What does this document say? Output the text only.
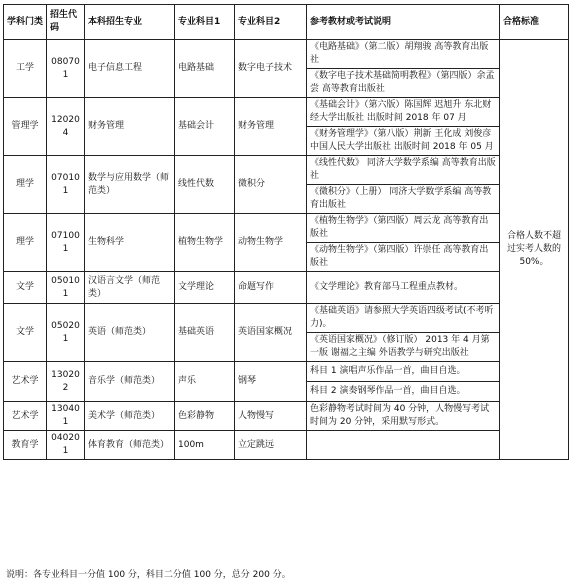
学科门类	招生代码	本科招生专业	专业科目1	专业科目2	参考教材或考试说明	合格标准
工学	080701	电子信息工程	电路基础	数字电子技术	《电路基础》（第二版）胡翔骏 高等教育出版社	合格人数不超过实考人数的 50%。
					《数字电子技术基础简明教程》（第四版）余孟尝 高等教育出版社	
管理学	120204	财务管理	基础会计	财务管理	《基础会计》（第六版）陈国辉 迟旭升 东北财经大学出版社 出版时间 2018 年 07 月	
					《财务管理学》（第八版）荆新 王化成 刘俊彦 中国人民大学出版社 出版时间 2018 年 05 月	
理学	070101	数学与应用数学（师范类）	线性代数	微积分	《线性代数》 同济大学数学系编 高等教育出版社	
					《微积分》（上册） 同济大学数学系编 高等教育出版社	
理学	071001	生物科学	植物生物学	动物生物学	《植物生物学》（第四版）周云龙 高等教育出版社	
					《动物生物学》（第四版）许崇任 高等教育出版社	
文学	050101	汉语言文学（师范类）	文学理论	命题写作	《文学理论》教育部马工程重点教材。	
文学	050201	英语（师范类）	基础英语	英语国家概况	《基础英语》请参照大学英语四级考试(不考听力)。	
					《英语国家概况》（修订版） 2013 年 4 月第一版 谢福之主编 外语教学与研究出版社	
艺术学	130202	音乐学（师范类）	声乐	钢琴	科目 1 演唱声乐作品一首，曲目自选。	
					科目 2 演奏钢琴作品一首，曲目自选。	
艺术学	130401	美术学（师范类）	色彩静物	人物慢写	色彩静物考试时间为 40 分钟，人物慢写考试时间为 20 分钟，采用默写形式。	
教育学	040201	体育教育（师范类）	100m	立定跳远		
说明：各专业科目一分值 100 分，科目二分值 100 分，总分 200 分。
